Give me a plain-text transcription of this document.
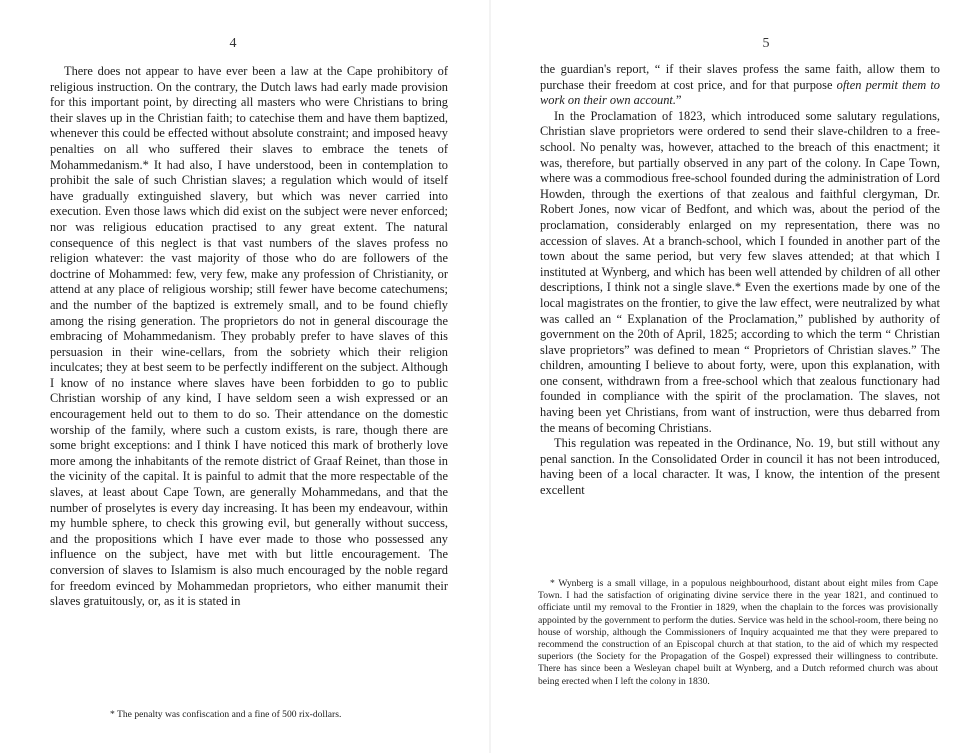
4

There does not appear to have ever been a law at the Cape prohibitory of religious instruction. On the contrary, the Dutch laws had early made provision for this important point, by directing all masters who were Christians to bring their slaves up in the Christian faith; to catechise them and have them baptized, whenever this could be effected without absolute constraint; and imposed heavy penalties on all who suffered their slaves to embrace the tenets of Mohammedanism.* It had also, I have understood, been in contemplation to prohibit the sale of such Christian slaves; a regulation which would of itself have gradually extinguished slavery, but which was never carried into execution. Even those laws which did exist on the subject were never enforced; nor was religious education practised to any great extent. The natural consequence of this neglect is that vast numbers of the slaves profess no religion whatever: the vast majority of those who do are followers of the doctrine of Mohammed: few, very few, make any profession of Christianity, or attend at any place of religious worship; still fewer have become catechumens; and the number of the baptized is extremely small, and to be found chiefly among the rising generation. The proprietors do not in general discourage the embracing of Mohammedanism. They probably prefer to have slaves of this persuasion in their wine-cellars, from the sobriety which their religion inculcates; they at best seem to be perfectly indifferent on the subject. Although I know of no instance where slaves have been forbidden to go to public Christian worship of any kind, I have seldom seen a wish expressed or an encouragement held out to them to do so. Their attendance on the domestic worship of the family, where such a custom exists, is rare, though there are some bright exceptions: and I think I have noticed this mark of brotherly love more among the inhabitants of the remote district of Graaf Reinet, than those in the vicinity of the capital. It is painful to admit that the more respectable of the slaves, at least about Cape Town, are generally Mohammedans, and that the number of proselytes is every day increasing. It has been my endeavour, within my humble sphere, to check this growing evil, but generally without success, and the propositions which I have ever made to those who possessed any influence on the subject, have met with but little encouragement. The conversion of slaves to Islamism is also much encouraged by the noble regard for freedom evinced by Mohammedan proprietors, who either manumit their slaves gratuitously, or, as it is stated in

* The penalty was confiscation and a fine of 500 rix-dollars.
5

the guardian's report, “ if their slaves profess the same faith, allow them to purchase their freedom at cost price, and for that purpose often permit them to work on their own account.”

In the Proclamation of 1823, which introduced some salutary regulations, Christian slave proprietors were ordered to send their slave-children to a free-school. No penalty was, however, attached to the breach of this enactment; it was, therefore, but partially observed in any part of the colony. In Cape Town, where was a commodious free-school founded during the administration of Lord Howden, through the exertions of that zealous and faithful clergyman, Dr. Robert Jones, now vicar of Bedfont, and which was, about the period of the proclamation, considerably enlarged on my representation, there was no accession of slaves. At a branch-school, which I founded in another part of the town about the same period, but very few slaves attended; at that which I instituted at Wynberg, and which has been well attended by children of all other descriptions, I think not a single slave.* Even the exertions made by one of the local magistrates on the frontier, to give the law effect, were neutralized by what was called an “ Explanation of the Proclamation,” published by authority of government on the 20th of April, 1825; according to which the term “ Christian slave proprietors” was defined to mean “ Proprietors of Christian slaves.” The children, amounting I believe to about forty, were, upon this explanation, with one consent, withdrawn from a free-school which that zealous functionary had founded in compliance with the spirit of the proclamation. The slaves, not having been yet Christians, from want of instruction, were thus debarred from the means of becoming Christians.

This regulation was repeated in the Ordinance, No. 19, but still without any penal sanction. In the Consolidated Order in council it has not been introduced, having been of a local character. It was, I know, the intention of the present excellent

* Wynberg is a small village, in a populous neighbourhood, distant about eight miles from Cape Town. I had the satisfaction of originating divine service there in the year 1821, and continued to officiate until my removal to the Frontier in 1829, when the chaplain to the forces was provisionally appointed by the government to perform the duties. Service was held in the school-room, there being no house of worship, although the Commissioners of Inquiry acquainted me that they were prepared to recommend the construction of an Episcopal church at that station, to the aid of which my respected superiors (the Society for the Propagation of the Gospel) expressed their willingness to contribute. There has since been a Wesleyan chapel built at Wynberg, and a Dutch reformed church was about being erected when I left the colony in 1830.
